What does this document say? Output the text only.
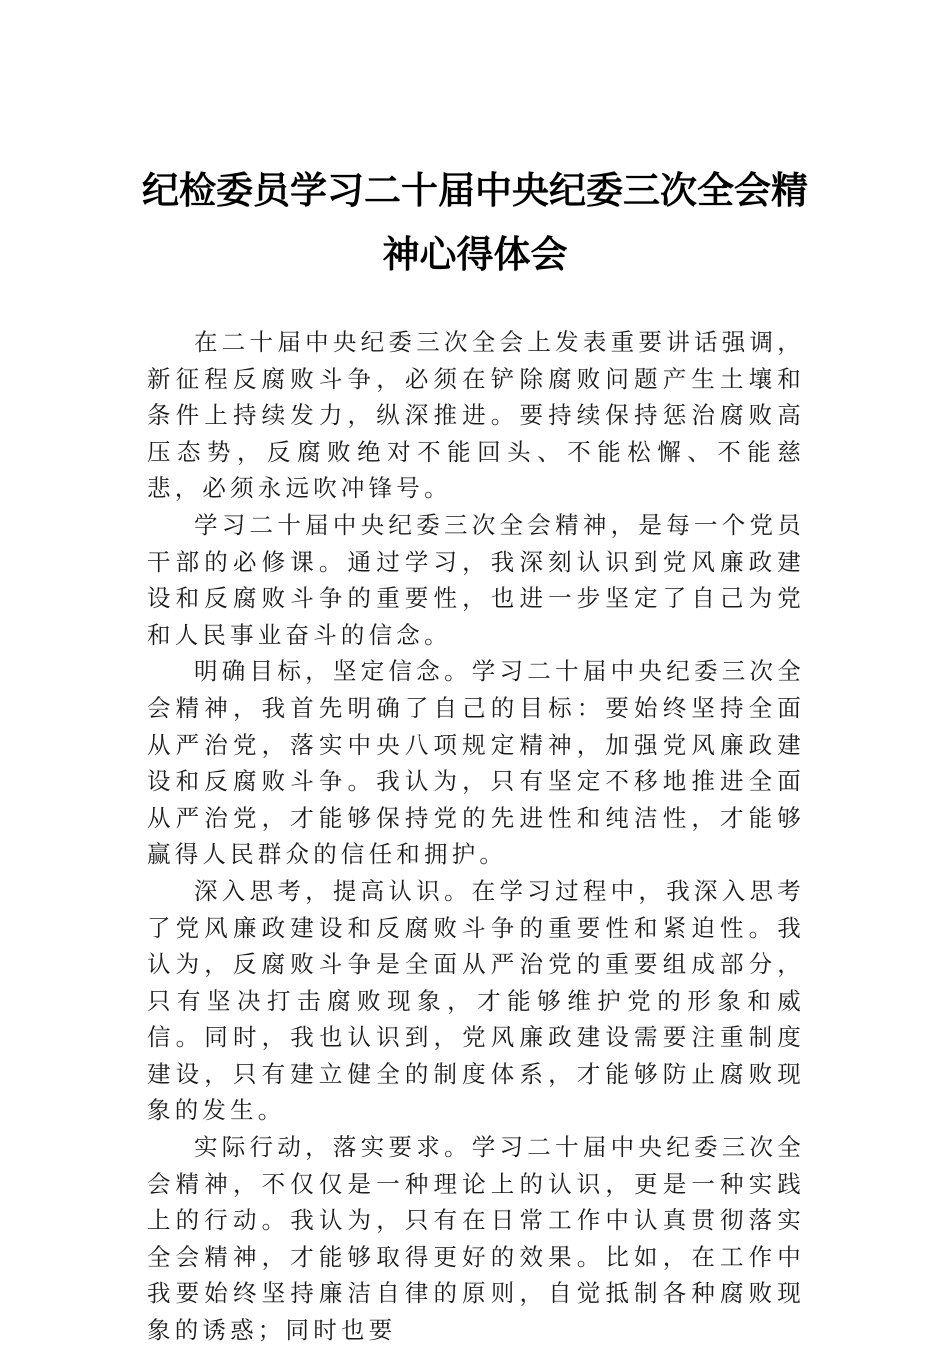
纪检委员学习二十届中央纪委三次全会精
神心得体会

在二十届中央纪委三次全会上发表重要讲话强调，新征程反腐败斗争，必须在铲除腐败问题产生土壤和条件上持续发力，纵深推进。要持续保持惩治腐败高压态势，反腐败绝对不能回头、不能松懈、不能慈悲，必须永远吹冲锋号。

学习二十届中央纪委三次全会精神，是每一个党员干部的必修课。通过学习，我深刻认识到党风廉政建设和反腐败斗争的重要性，也进一步坚定了自己为党和人民事业奋斗的信念。

明确目标，坚定信念。学习二十届中央纪委三次全会精神，我首先明确了自己的目标：要始终坚持全面从严治党，落实中央八项规定精神，加强党风廉政建设和反腐败斗争。我认为，只有坚定不移地推进全面从严治党，才能够保持党的先进性和纯洁性，才能够赢得人民群众的信任和拥护。

深入思考，提高认识。在学习过程中，我深入思考了党风廉政建设和反腐败斗争的重要性和紧迫性。我认为，反腐败斗争是全面从严治党的重要组成部分，只有坚决打击腐败现象，才能够维护党的形象和威信。同时，我也认识到，党风廉政建设需要注重制度建设，只有建立健全的制度体系，才能够防止腐败现象的发生。

实际行动，落实要求。学习二十届中央纪委三次全会精神，不仅仅是一种理论上的认识，更是一种实践上的行动。我认为，只有在日常工作中认真贯彻落实全会精神，才能够取得更好的效果。比如，在工作中我要始终坚持廉洁自律的原则，自觉抵制各种腐败现象的诱惑；同时也要
